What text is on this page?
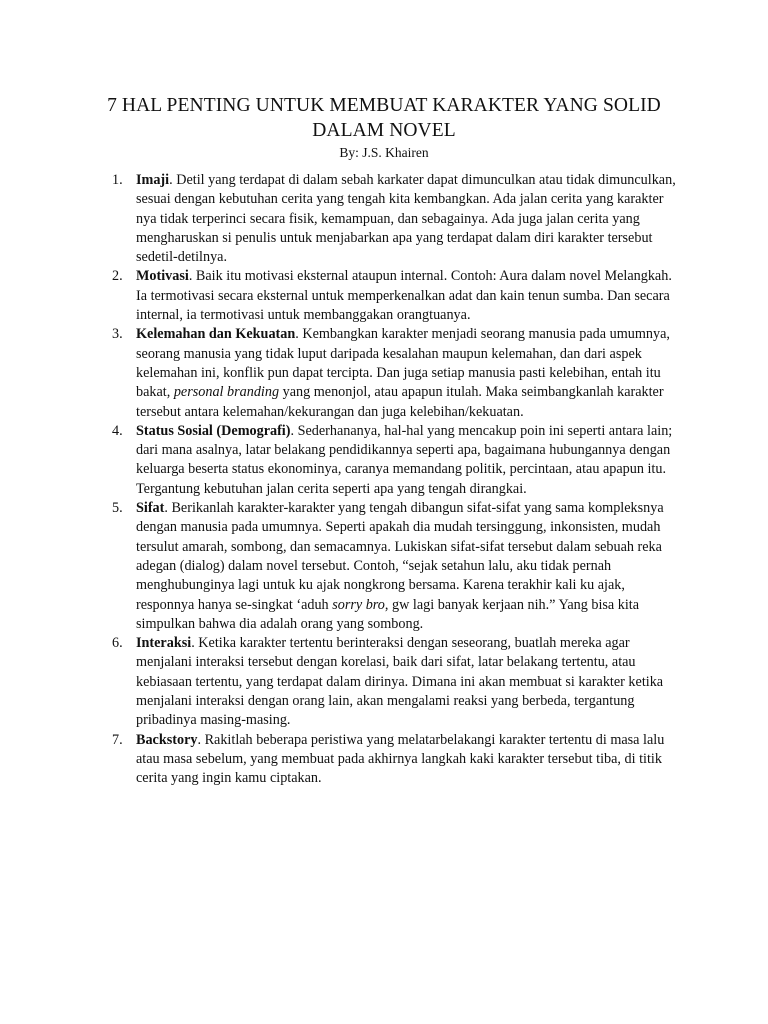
7 HAL PENTING UNTUK MEMBUAT KARAKTER YANG SOLID DALAM NOVEL
By: J.S. Khairen
1. Imaji. Detil yang terdapat di dalam sebah karkater dapat dimunculkan atau tidak dimunculkan, sesuai dengan kebutuhan cerita yang tengah kita kembangkan. Ada jalan cerita yang karakter nya tidak terperinci secara fisik, kemampuan, dan sebagainya. Ada juga jalan cerita yang mengharuskan si penulis untuk menjabarkan apa yang terdapat dalam diri karakter tersebut sedetil-detilnya.
2. Motivasi. Baik itu motivasi eksternal ataupun internal. Contoh: Aura dalam novel Melangkah. Ia termotivasi secara eksternal untuk memperkenalkan adat dan kain tenun sumba. Dan secara internal, ia termotivasi untuk membanggakan orangtuanya.
3. Kelemahan dan Kekuatan. Kembangkan karakter menjadi seorang manusia pada umumnya, seorang manusia yang tidak luput daripada kesalahan maupun kelemahan, dan dari aspek kelemahan ini, konflik pun dapat tercipta. Dan juga setiap manusia pasti kelebihan, entah itu bakat, personal branding yang menonjol, atau apapun itulah. Maka seimbangkanlah karakter tersebut antara kelemahan/kekurangan dan juga kelebihan/kekuatan.
4. Status Sosial (Demografi). Sederhananya, hal-hal yang mencakup poin ini seperti antara lain; dari mana asalnya, latar belakang pendidikannya seperti apa, bagaimana hubungannya dengan keluarga beserta status ekonominya, caranya memandang politik, percintaan, atau apapun itu. Tergantung kebutuhan jalan cerita seperti apa yang tengah dirangkai.
5. Sifat. Berikanlah karakter-karakter yang tengah dibangun sifat-sifat yang sama kompleksnya dengan manusia pada umumnya. Seperti apakah dia mudah tersinggung, inkonsisten, mudah tersulut amarah, sombong, dan semacamnya. Lukiskan sifat-sifat tersebut dalam sebuah reka adegan (dialog) dalam novel tersebut. Contoh, “sejak setahun lalu, aku tidak pernah menghubunginya lagi untuk ku ajak nongkrong bersama. Karena terakhir kali ku ajak, responnya hanya se-singkat ‘aduh sorry bro, gw lagi banyak kerjaan nih.” Yang bisa kita simpulkan bahwa dia adalah orang yang sombong.
6. Interaksi. Ketika karakter tertentu berinteraksi dengan seseorang, buatlah mereka agar menjalani interaksi tersebut dengan korelasi, baik dari sifat, latar belakang tertentu, atau kebiasaan tertentu, yang terdapat dalam dirinya. Dimana ini akan membuat si karakter ketika menjalani interaksi dengan orang lain, akan mengalami reaksi yang berbeda, tergantung pribadinya masing-masing.
7. Backstory. Rakitlah beberapa peristiwa yang melatarbelakangi karakter tertentu di masa lalu atau masa sebelum, yang membuat pada akhirnya langkah kaki karakter tersebut tiba, di titik cerita yang ingin kamu ciptakan.
